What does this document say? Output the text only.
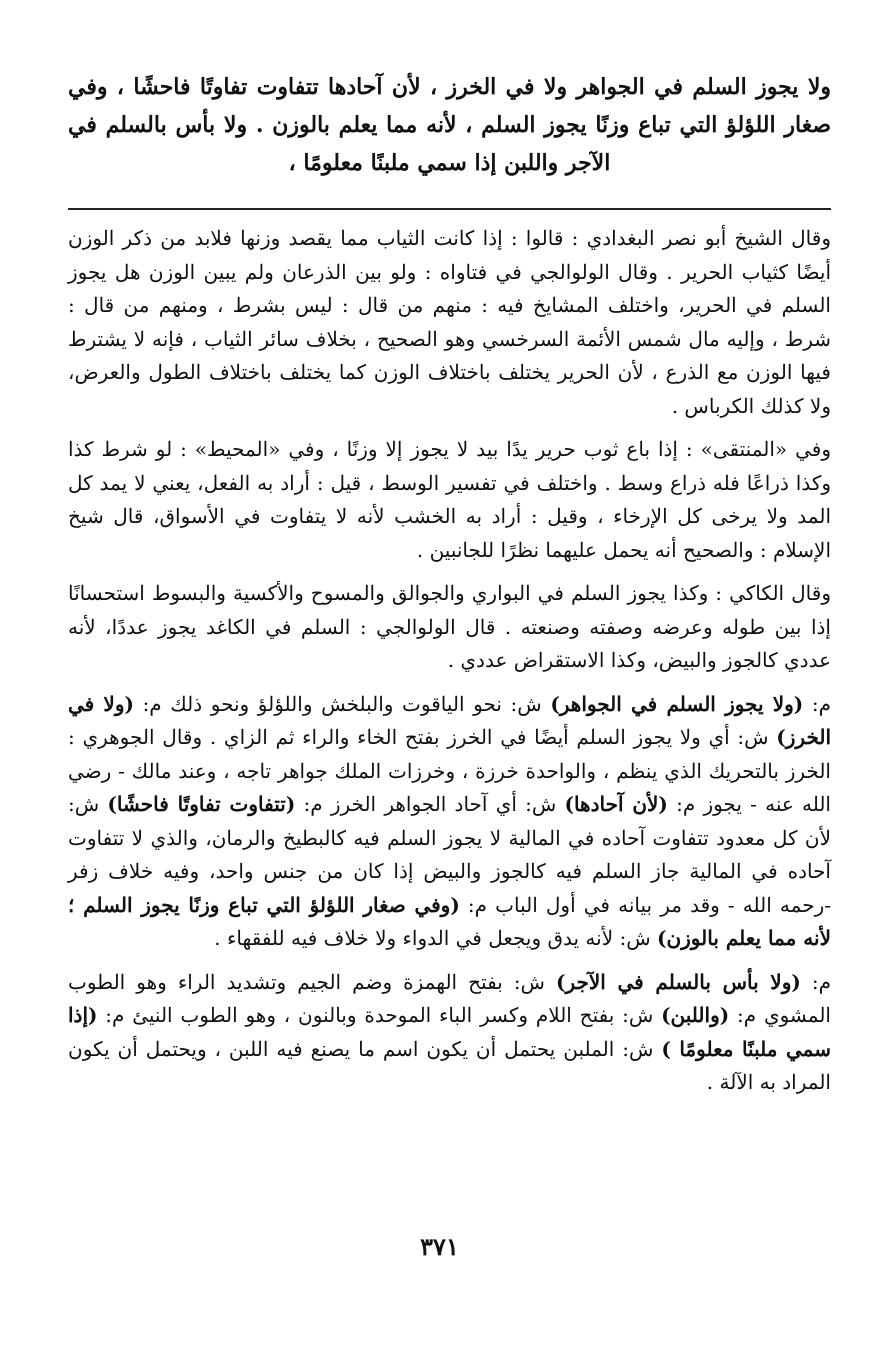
ولا يجوز السلم في الجواهر ولا في الخرز ، لأن آحادها تتفاوت تفاوتًا فاحشًا ، وفي صغار اللؤلؤ التي تباع وزنًا يجوز السلم ، لأنه مما يعلم بالوزن . ولا بأس بالسلم في الآجر واللبن إذا سمي ملبنًا معلومًا ،

وقال الشيخ أبو نصر البغدادي : قالوا : إذا كانت الثياب مما يقصد وزنها فلابد من ذكر الوزن أيضًا كثياب الحرير . وقال الولوالجي في فتاواه : ولو بين الذرعان ولم يبين الوزن هل يجوز السلم في الحرير، واختلف المشايخ فيه : منهم من قال : ليس بشرط ، ومنهم من قال : شرط ، وإليه مال شمس الأئمة السرخسي وهو الصحيح ، بخلاف سائر الثياب ، فإنه لا يشترط فيها الوزن مع الذرع ، لأن الحرير يختلف باختلاف الوزن كما يختلف باختلاف الطول والعرض، ولا كذلك الكرباس .

وفي «المنتقى» : إذا باع ثوب حرير يدًا بيد لا يجوز إلا وزنًا ، وفي «المحيط» : لو شرط كذا وكذا ذراعًا فله ذراع وسط . واختلف في تفسير الوسط ، قيل : أراد به الفعل، يعني لا يمد كل المد ولا يرخى كل الإرخاء ، وقيل : أراد به الخشب لأنه لا يتفاوت في الأسواق، قال شيخ الإسلام : والصحيح أنه يحمل عليهما نظرًا للجانبين .

وقال الكاكي : وكذا يجوز السلم في البواري والجوالق والمسوح والأكسية والبسوط استحسانًا إذا بين طوله وعرضه وصفته وصنعته . قال الولوالجي : السلم في الكاغد يجوز عددًا، لأنه عددي كالجوز والبيض، وكذا الاستقراض عددي .

م: (ولا يجوز السلم في الجواهر) ش: نحو الياقوت والبلخش واللؤلؤ ونحو ذلك م: (ولا في الخرز) ش: أي ولا يجوز السلم أيضًا في الخرز بفتح الخاء والراء ثم الزاي . وقال الجوهري : الخرز بالتحريك الذي ينظم ، والواحدة خرزة ، وخرزات الملك جواهر تاجه ، وعند مالك - رضي الله عنه - يجوز م: (لأن آحادها) ش: أي آحاد الجواهر الخرز م: (تتفاوت تفاوتًا فاحشًا) ش: لأن كل معدود تتفاوت آحاده في المالية لا يجوز السلم فيه كالبطيخ والرمان، والذي لا تتفاوت آحاده في المالية جاز السلم فيه كالجوز والبيض إذا كان من جنس واحد، وفيه خلاف زفر -رحمه الله - وقد مر بيانه في أول الباب م: (وفي صغار اللؤلؤ التي تباع وزنًا يجوز السلم ؛ لأنه مما يعلم بالوزن) ش: لأنه يدق ويجعل في الدواء ولا خلاف فيه للفقهاء .

م: (ولا بأس بالسلم في الآجر) ش: بفتح الهمزة وضم الجيم وتشديد الراء وهو الطوب المشوي م: (واللبن) ش: بفتح اللام وكسر الباء الموحدة وبالنون ، وهو الطوب النيئ م: (إذا سمي ملبنًا معلومًا ) ش: الملبن يحتمل أن يكون اسم ما يصنع فيه اللبن ، ويحتمل أن يكون المراد به الآلة .

٣٧١
